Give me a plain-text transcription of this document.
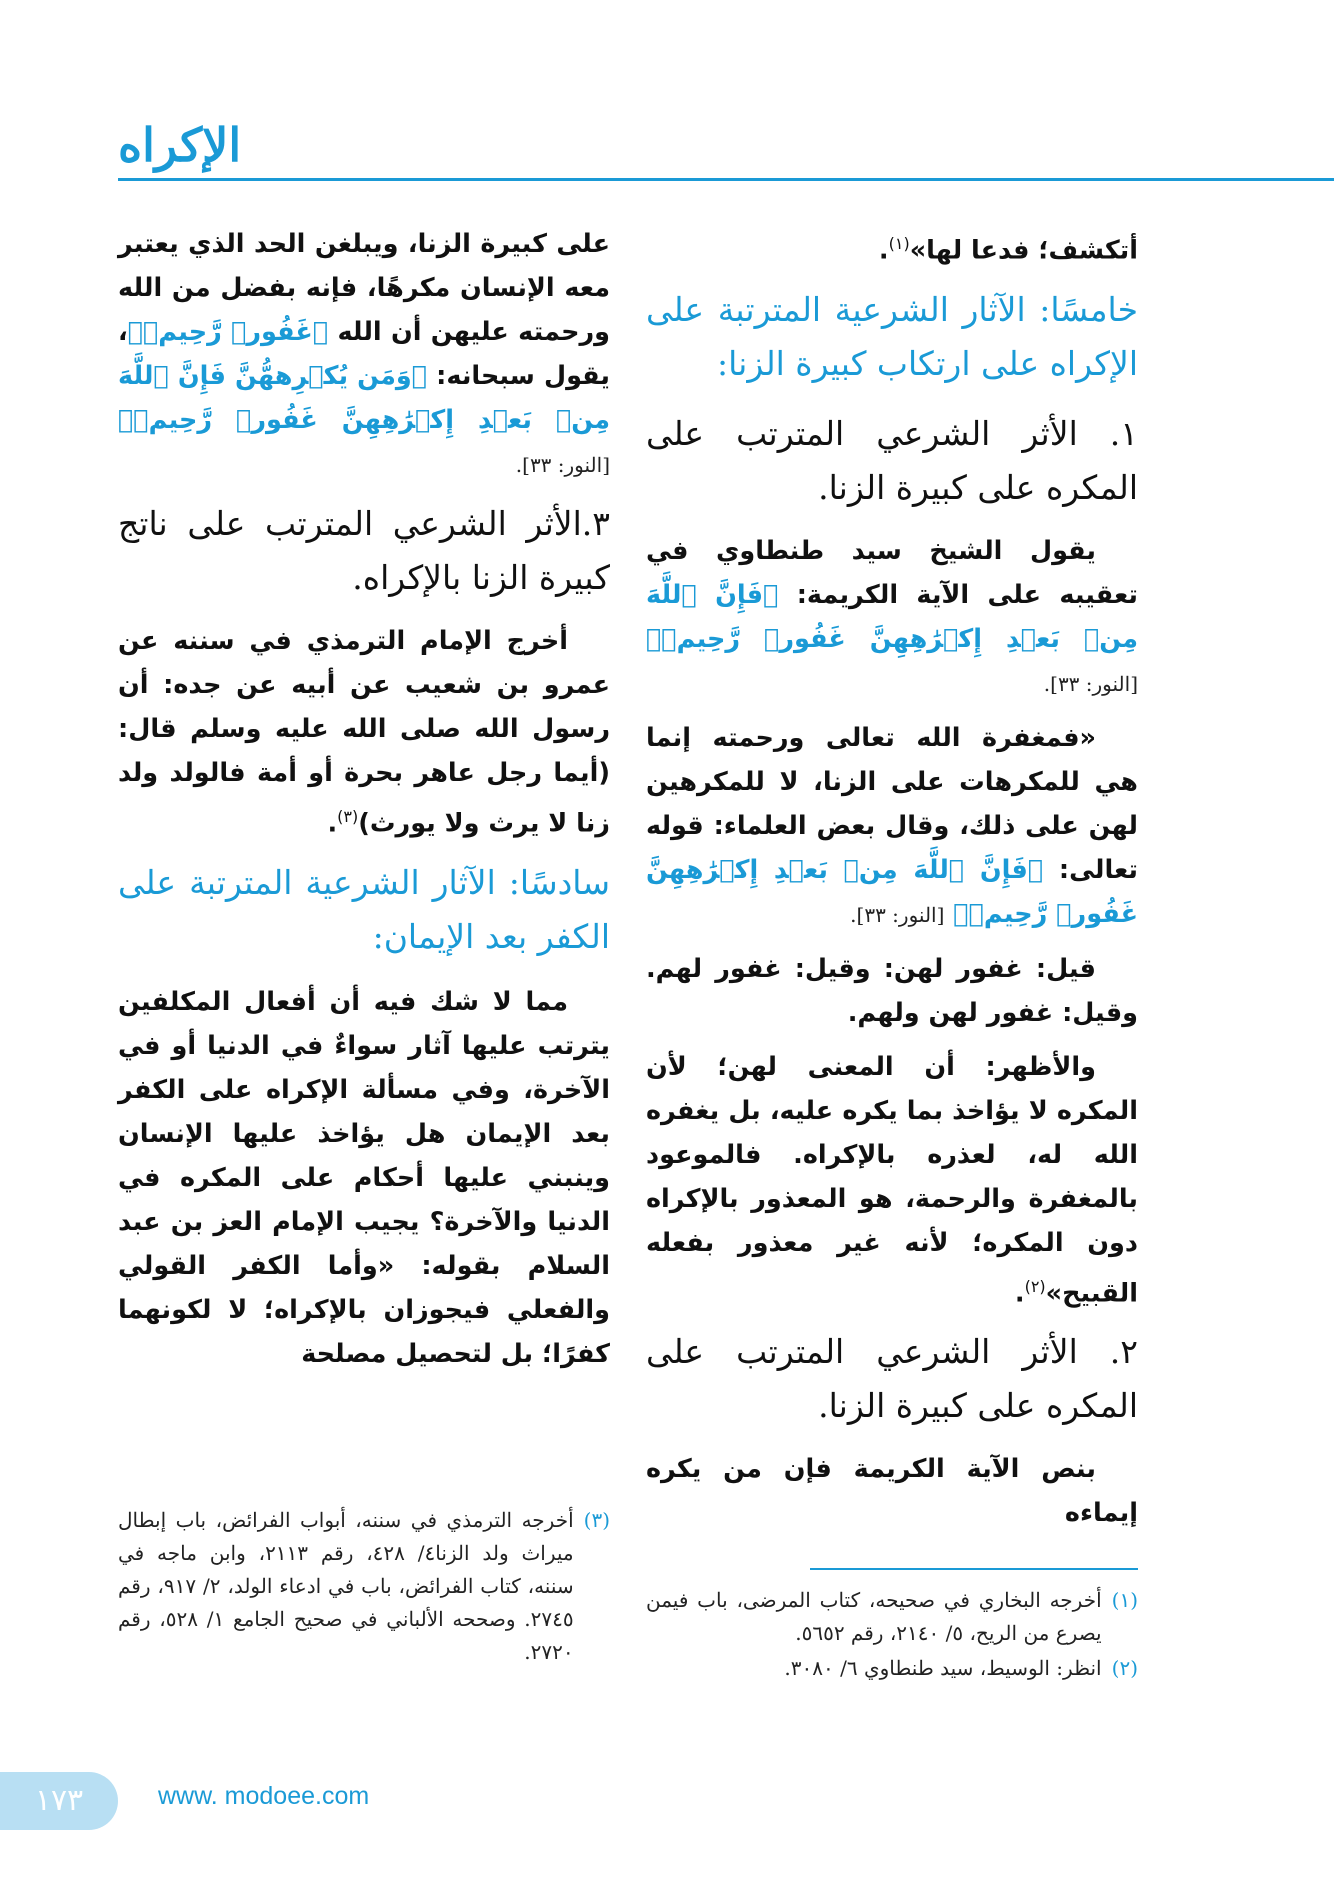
الإكراه

أتكشف؛ فدعا لها»$^{(١)}$.

خامسًا: الآثار الشرعية المترتبة على الإكراه على ارتكاب كبيرة الزنا:

١. الأثر الشرعي المترتب على المكره على كبيرة الزنا.

يقول الشيخ سيد طنطاوي في تعقيبه على الآية الكريمة: ﴿فَإِنَّ ٱللَّهَ مِنۢ بَعۡدِ إِكۡرَٰهِهِنَّ غَفُورٞ رَّحِيمٞ﴾ [النور: ٣٣].

«فمغفرة الله تعالى ورحمته إنما هي للمكرهات على الزنا، لا للمكرهين لهن على ذلك، وقال بعض العلماء: قوله تعالى: ﴿فَإِنَّ ٱللَّهَ مِنۢ بَعۡدِ إِكۡرَٰهِهِنَّ غَفُورٞ رَّحِيمٞ﴾ [النور: ٣٣].

قيل: غفور لهن: وقيل: غفور لهم. وقيل: غفور لهن ولهم.

والأظهر: أن المعنى لهن؛ لأن المكره لا يؤاخذ بما يكره عليه، بل يغفره الله له، لعذره بالإكراه. فالموعود بالمغفرة والرحمة، هو المعذور بالإكراه دون المكره؛ لأنه غير معذور بفعله القبيح»$^{(٢)}$.

٢. الأثر الشرعي المترتب على المكره على كبيرة الزنا.

بنص الآية الكريمة فإن من يكره إيماءه

على كبيرة الزنا، ويبلغن الحد الذي يعتبر معه الإنسان مكرهًا، فإنه بفضل من الله ورحمته عليهن أن الله ﴿غَفُورٞ رَّحِيمٞ﴾، يقول سبحانه: ﴿وَمَن يُكۡرِههُّنَّ فَإِنَّ ٱللَّهَ مِنۢ بَعۡدِ إِكۡرَٰهِهِنَّ غَفُورٞ رَّحِيمٞ﴾ [النور: ٣٣].

٣.الأثر الشرعي المترتب على ناتج كبيرة الزنا بالإكراه.

أخرج الإمام الترمذي في سننه عن عمرو بن شعيب عن أبيه عن جده: أن رسول الله صلى الله عليه وسلم قال: (أيما رجل عاهر بحرة أو أمة فالولد ولد زنا لا يرث ولا يورث)$^{(٣)}$.

سادسًا: الآثار الشرعية المترتبة على الكفر بعد الإيمان:

مما لا شك فيه أن أفعال المكلفين يترتب عليها آثار سواءٌ في الدنيا أو في الآخرة، وفي مسألة الإكراه على الكفر بعد الإيمان هل يؤاخذ عليها الإنسان وينبني عليها أحكام على المكره في الدنيا والآخرة؟ يجيب الإمام العز بن عبد السلام بقوله: «وأما الكفر القولي والفعلي فيجوزان بالإكراه؛ لا لكونهما كفرًا؛ بل لتحصيل مصلحة

(١)
أخرجه البخاري في صحيحه، كتاب المرضى، باب فيمن يصرع من الريح، ٥/ ٢١٤٠، رقم ٥٦٥٢.
(٢)
انظر: الوسيط، سيد طنطاوي ٦/ ٣٠٨٠.
(٣)
أخرجه الترمذي في سننه، أبواب الفرائض، باب إبطال ميراث ولد الزنا٤/ ٤٢٨، رقم ٢١١٣، وابن ماجه في سننه، كتاب الفرائض، باب في ادعاء الولد، ٢/ ٩١٧، رقم ٢٧٤٥. وصححه الألباني في صحيح الجامع ١/ ٥٢٨، رقم ٢٧٢٠.
١٧٣	www. modoee.com
